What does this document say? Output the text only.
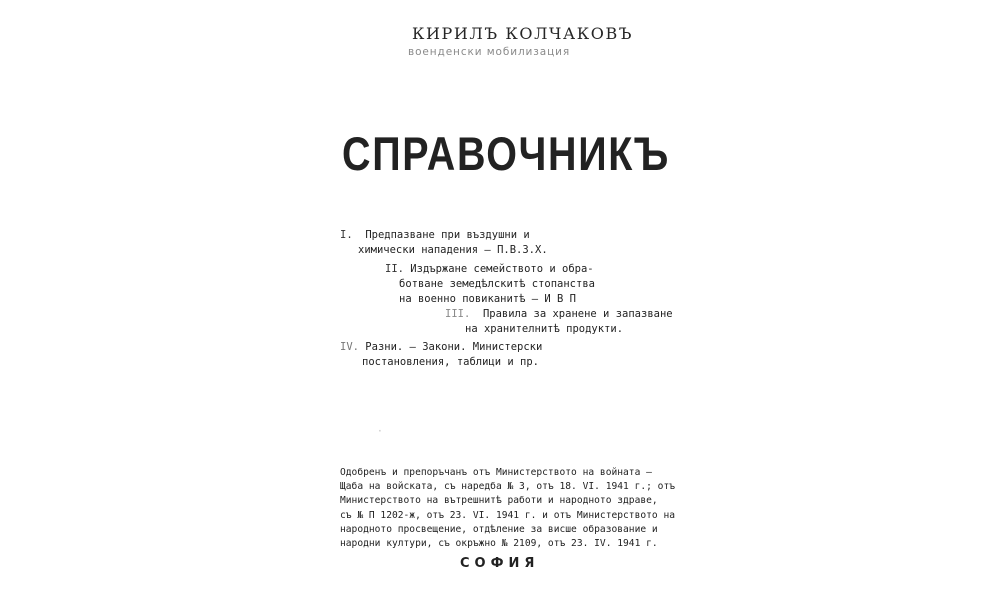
КИРИЛЪ КОЛЧАКОВЪ
военденски мобилизация
СПРАВОЧНИКЪ
I. Предпазване при въздушни и
химически нападения — П.В.З.Х.
II. Издържане семейството и обра-
ботване земедѣлскитѣ стопанства
на военно повиканитѣ — И В П
III. Правила за хранене и запазване
на хранителнитѣ продукти.
IV. Разни. — Закони. Министерски
постановления, таблици и пр.
Одобренъ и препоръчанъ отъ Министерството на войната —
Щаба на войската, съ наредба № 3, отъ 18. VI. 1941 г.; отъ
Министерството на вътрешнитѣ работи и народното здраве,
съ № П 1202-ж, отъ 23. VI. 1941 г. и отъ Министерството на
народното просвещение, отдѣление за висше образование и
народни култури, съ окръжно № 2109, отъ 23. IV. 1941 г.
СОФИЯ
·
